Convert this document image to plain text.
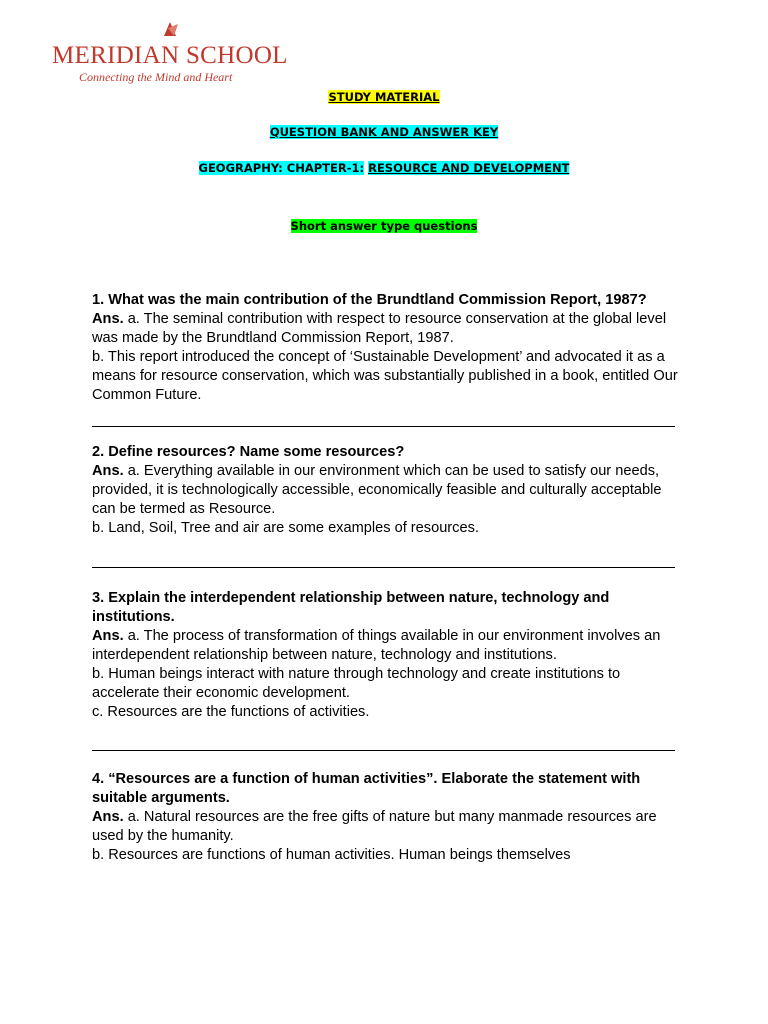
MERIDIAN SCHOOL
Connecting the Mind and Heart
STUDY MATERIAL
QUESTION BANK AND ANSWER KEY
GEOGRAPHY: CHAPTER-1: RESOURCE AND DEVELOPMENT
Short answer type questions

1. What was the main contribution of the Brundtland Commission Report, 1987?

Ans. a. The seminal contribution with respect to resource conservation at the global level was made by the Brundtland Commission Report, 1987.

b. This report introduced the concept of ‘Sustainable Development’ and advocated it as a means for resource conservation, which was substantially published in a book, entitled Our Common Future.

2. Define resources? Name some resources?

Ans. a. Everything available in our environment which can be used to satisfy our needs, provided, it is technologically accessible, economically feasible and culturally acceptable can be termed as Resource.

b. Land, Soil, Tree and air are some examples of resources.

3. Explain the interdependent relationship between nature, technology and institutions.

Ans. a. The process of transformation of things available in our environment involves an interdependent relationship between nature, technology and institutions.

b. Human beings interact with nature through technology and create institutions to accelerate their economic development.

c. Resources are the functions of activities.

4. “Resources are a function of human activities”. Elaborate the statement with suitable arguments.

Ans. a. Natural resources are the free gifts of nature but many manmade resources are used by the humanity.

b. Resources are functions of human activities. Human beings themselves
